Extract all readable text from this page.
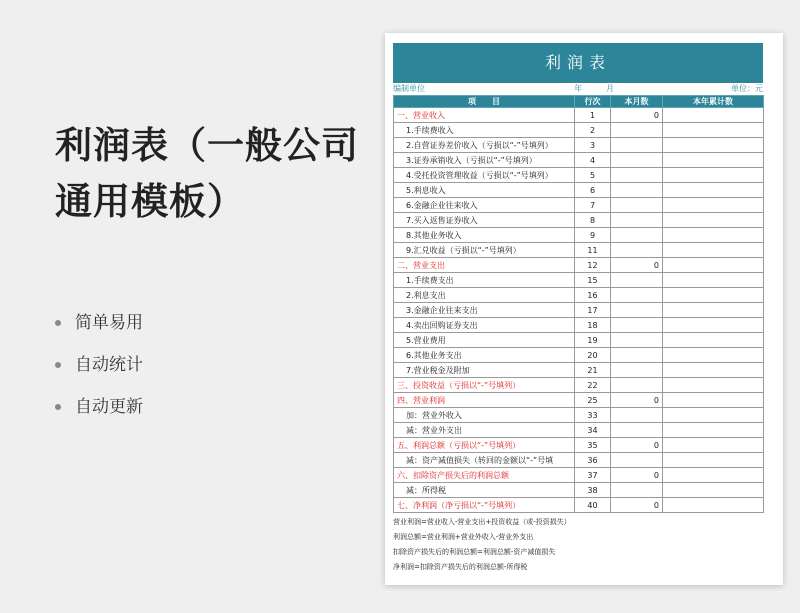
利润表（一般公司通用模板）
简单易用
自动统计
自动更新
利润表
编制单位	年	月	单位：元
项　　目	行次	本月数	本年累计数
一、营业收入	1	0	
1.手续费收入	2		
2.自营证券差价收入（亏损以“-”号填列）	3		
3.证券承销收入（亏损以“-”号填列）	4		
4.受托投资管理收益（亏损以“-”号填列）	5		
5.利息收入	6		
6.金融企业往来收入	7		
7.买入返售证券收入	8		
8.其他业务收入	9		
9.汇兑收益（亏损以“-”号填列）	11		
二、营业支出	12	0	
1.手续费支出	15		
2.利息支出	16		
3.金融企业往来支出	17		
4.卖出回购证券支出	18		
5.营业费用	19		
6.其他业务支出	20		
7.营业税金及附加	21		
三、投资收益（亏损以“-”号填列）	22		
四、营业利润	25	0	
加：营业外收入	33		
减：营业外支出	34		
五、利润总额（亏损以“-”号填列）	35	0	
减：资产减值损失（转回的金额以“-”号填	36		
六、扣除资产损失后的利润总额	37	0	
减：所得税	38		
七、净利润（净亏损以“-”号填列）	40	0	
营业利润=营业收入-营业支出+投资收益（或-投资损失）
利润总额=营业利润+营业外收入-营业外支出
扣除资产损失后的利润总额=利润总额-资产减值损失
净利润=扣除资产损失后的利润总额-所得税
